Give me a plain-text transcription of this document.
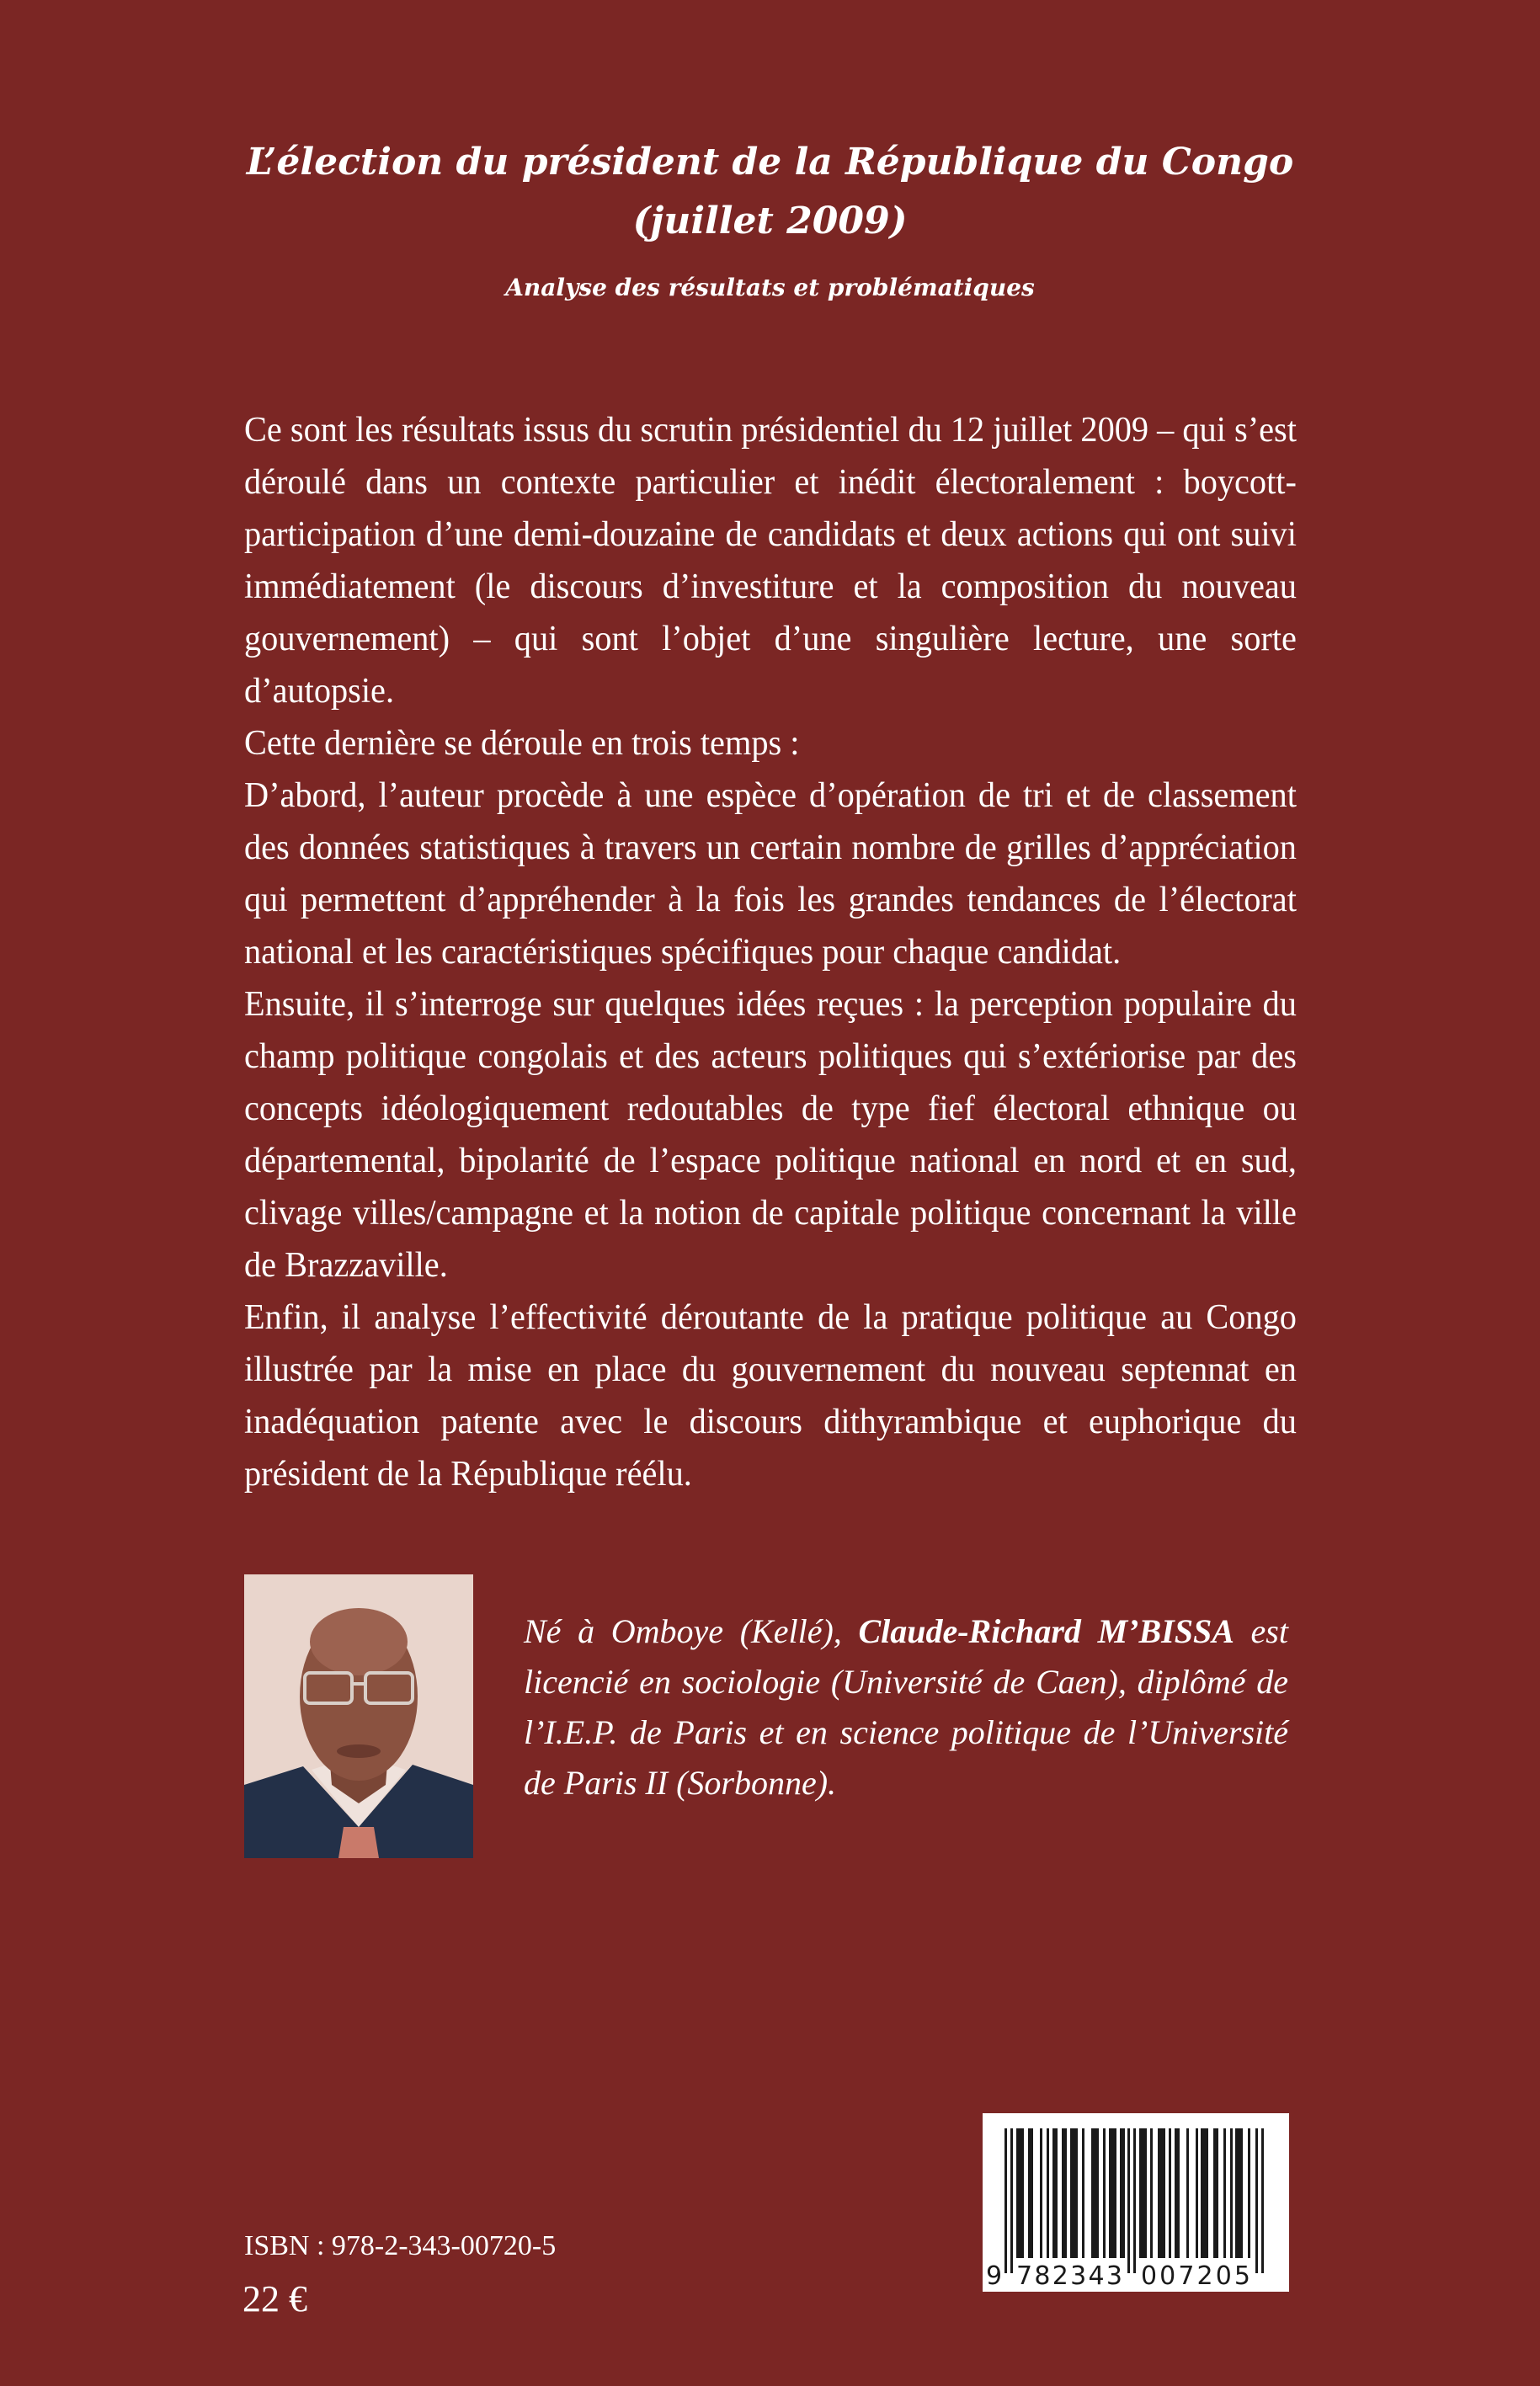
L’élection du président de la République du Congo
(juillet 2009)
Analyse des résultats et problématiques

Ce sont les résultats issus du scrutin présidentiel du 12 juillet 2009 – qui s’est déroulé dans un contexte particulier et inédit électoralement : boycott-participation d’une demi-douzaine de candidats et deux actions qui ont suivi immédiatement (le discours d’investiture et la composition du nouveau gouvernement) – qui sont l’objet d’une singulière lecture, une sorte d’autopsie.

Cette dernière se déroule en trois temps :

D’abord, l’auteur procède à une espèce d’opération de tri et de classement des données statistiques à travers un certain nombre de grilles d’appréciation qui permettent d’appréhender à la fois les grandes tendances de l’électorat national et les caractéristiques spécifiques pour chaque candidat.

Ensuite, il s’interroge sur quelques idées reçues : la perception populaire du champ politique congolais et des acteurs politiques qui s’extériorise par des concepts idéologiquement redoutables de type fief électoral ethnique ou départemental, bipolarité de l’espace politique national en nord et en sud, clivage villes/campagne et la notion de capitale politique concernant la ville de Brazzaville.

Enfin, il analyse l’effectivité déroutante de la pratique politique au Congo illustrée par la mise en place du gouvernement du nouveau septennat en inadéquation patente avec le discours dithyrambique et euphorique du président de la République réélu.

Né à Omboye (Kellé), Claude-Richard M’BISSA est licencié en sociologie (Université de Caen), diplômé de l’I.E.P. de Paris et en science politique de l’Université de Paris II (Sorbonne).
ISBN : 978-2-343-00720-5
22 €
9 782343 007205
